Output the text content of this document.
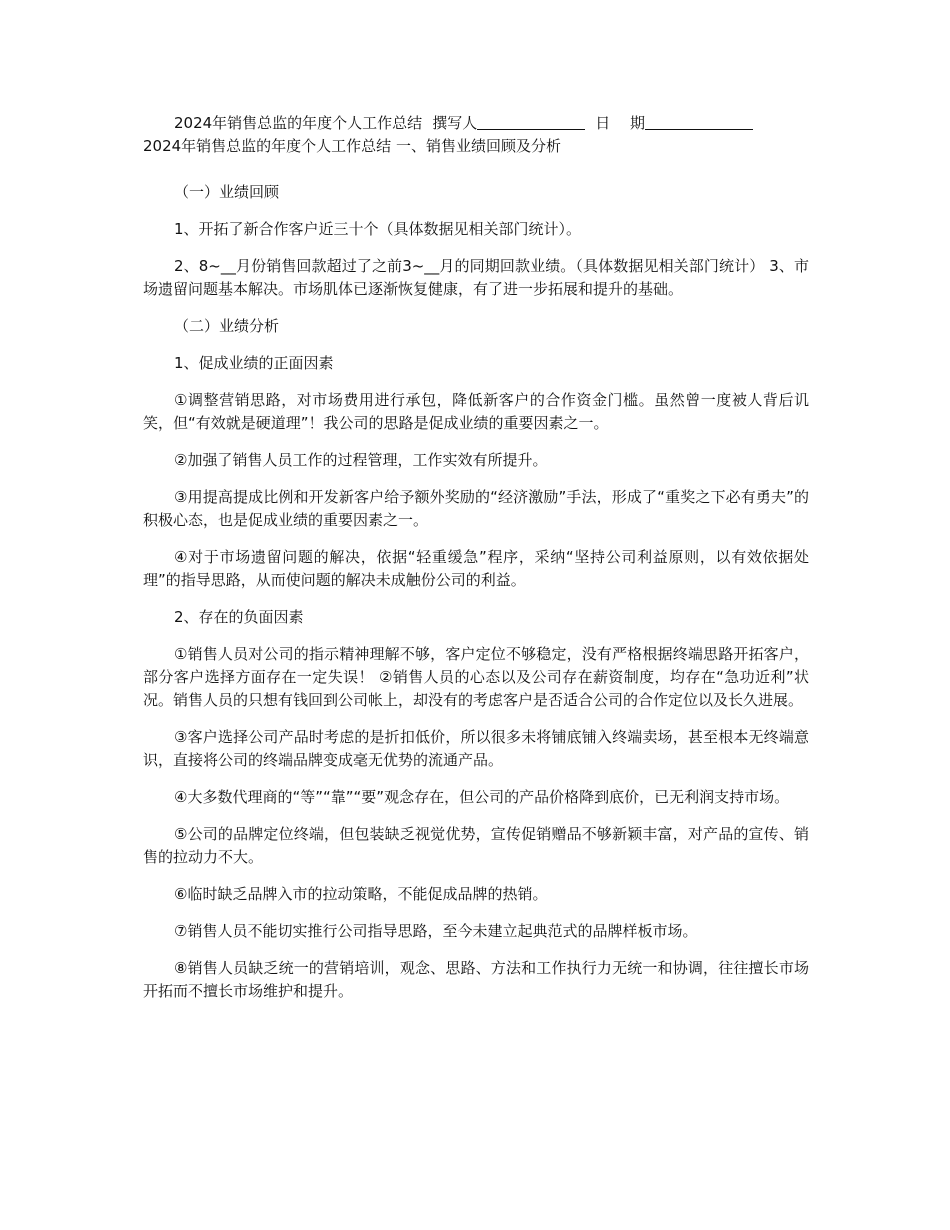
2024年销售总监的年度个人工作总结 撰写人	日　 期
2024年销售总监的年度个人工作总结 一、销售业绩回顾及分析

（一）业绩回顾

1、开拓了新合作客户近三十个（具体数据见相关部门统计）。

2、8~__月份销售回款超过了之前3~__月的同期回款业绩。（具体数据见相关部门统计） 3、市场遗留问题基本解决。市场肌体已逐渐恢复健康，有了进一步拓展和提升的基础。

（二）业绩分析

1、促成业绩的正面因素

①调整营销思路，对市场费用进行承包，降低新客户的合作资金门槛。虽然曾一度被人背后讥笑，但“有效就是硬道理”！我公司的思路是促成业绩的重要因素之一。

②加强了销售人员工作的过程管理，工作实效有所提升。

③用提高提成比例和开发新客户给予额外奖励的“经济激励”手法，形成了“重奖之下必有勇夫”的积极心态，也是促成业绩的重要因素之一。

④对于市场遗留问题的解决，依据“轻重缓急”程序，采纳“坚持公司利益原则，以有效依据处理”的指导思路，从而使问题的解决未成触份公司的利益。

2、存在的负面因素

①销售人员对公司的指示精神理解不够，客户定位不够稳定，没有严格根据终端思路开拓客户，部分客户选择方面存在一定失误！ ②销售人员的心态以及公司存在薪资制度，均存在“急功近利”状况。销售人员的只想有钱回到公司帐上，却没有的考虑客户是否适合公司的合作定位以及长久进展。

③客户选择公司产品时考虑的是折扣低价，所以很多未将铺底铺入终端卖场，甚至根本无终端意识，直接将公司的终端品牌变成毫无优势的流通产品。

④大多数代理商的“等”“靠”“要”观念存在，但公司的产品价格降到底价，已无利润支持市场。

⑤公司的品牌定位终端，但包装缺乏视觉优势，宣传促销赠品不够新颖丰富，对产品的宣传、销售的拉动力不大。

⑥临时缺乏品牌入市的拉动策略，不能促成品牌的热销。

⑦销售人员不能切实推行公司指导思路，至今未建立起典范式的品牌样板市场。

⑧销售人员缺乏统一的营销培训，观念、思路、方法和工作执行力无统一和协调，往往擅长市场开拓而不擅长市场维护和提升。
